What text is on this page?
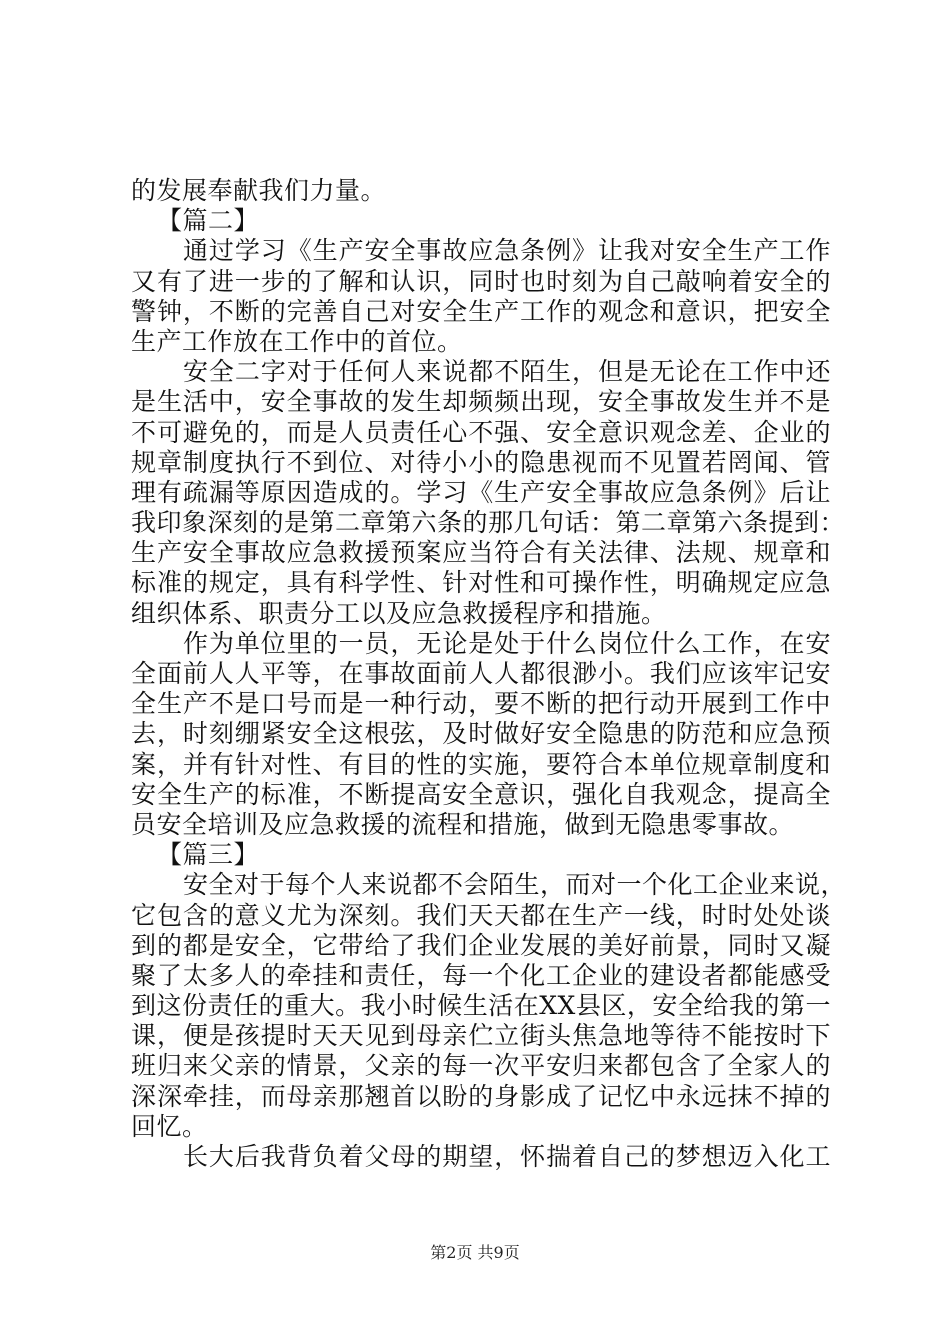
的发展奉献我们力量。
【篇二】
通过学习《生产安全事故应急条例》让我对安全生产工作
又有了进一步的了解和认识，同时也时刻为自己敲响着安全的
警钟，不断的完善自己对安全生产工作的观念和意识，把安全
生产工作放在工作中的首位。
安全二字对于任何人来说都不陌生，但是无论在工作中还
是生活中，安全事故的发生却频频出现，安全事故发生并不是
不可避免的，而是人员责任心不强、安全意识观念差、企业的
规章制度执行不到位、对待小小的隐患视而不见置若罔闻、管
理有疏漏等原因造成的。学习《生产安全事故应急条例》后让
我印象深刻的是第二章第六条的那几句话：第二章第六条提到：
生产安全事故应急救援预案应当符合有关法律、法规、规章和
标准的规定，具有科学性、针对性和可操作性，明确规定应急
组织体系、职责分工以及应急救援程序和措施。
作为单位里的一员，无论是处于什么岗位什么工作，在安
全面前人人平等，在事故面前人人都很渺小。我们应该牢记安
全生产不是口号而是一种行动，要不断的把行动开展到工作中
去，时刻绷紧安全这根弦，及时做好安全隐患的防范和应急预
案，并有针对性、有目的性的实施，要符合本单位规章制度和
安全生产的标准，不断提高安全意识，强化自我观念，提高全
员安全培训及应急救援的流程和措施，做到无隐患零事故。
【篇三】
安全对于每个人来说都不会陌生，而对一个化工企业来说，
它包含的意义尤为深刻。我们天天都在生产一线，时时处处谈
到的都是安全，它带给了我们企业发展的美好前景，同时又凝
聚了太多人的牵挂和责任，每一个化工企业的建设者都能感受
到这份责任的重大。我小时候生活在XX县区，安全给我的第一
课，便是孩提时天天见到母亲伫立街头焦急地等待不能按时下
班归来父亲的情景，父亲的每一次平安归来都包含了全家人的
深深牵挂，而母亲那翘首以盼的身影成了记忆中永远抹不掉的
回忆。
长大后我背负着父母的期望，怀揣着自己的梦想迈入化工
第2页 共9页
